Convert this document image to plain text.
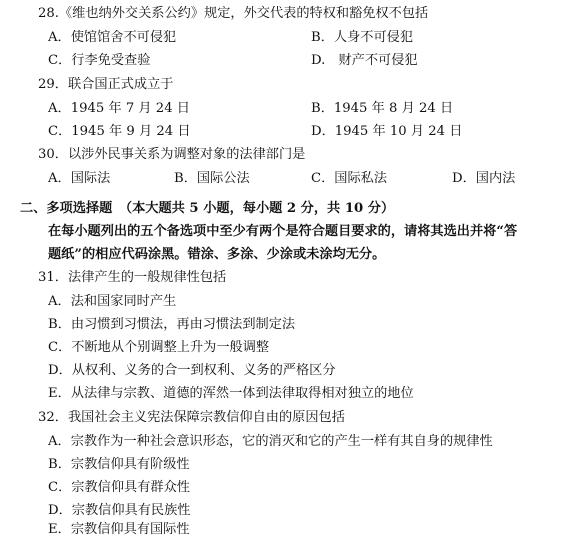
28.《维也纳外交关系公约》规定，外交代表的特权和豁免权不包括
A．使馆馆舍不可侵犯	B．人身不可侵犯
C．行李免受查验	D.　财产不可侵犯
29．联合国正式成立于
A．1945 年 7 月 24 日	B．1945 年 8 月 24 日
C．1945 年 9 月 24 日	D．1945 年 10 月 24 日
30．以涉外民事关系为调整对象的法律部门是
A．国际法	B．国际公法	C．国际私法	D．国内法
二、多项选择题　（本大题共 5 小题，每小题 2 分，共 10 分）
在每小题列出的五个备选项中至少有两个是符合题目要求的，请将其选出并将“答
题纸”的相应代码涂黑。错涂、多涂、少涂或未涂均无分。
31．法律产生的一般规律性包括
A．法和国家同时产生
B．由习惯到习惯法，再由习惯法到制定法
C．不断地从个别调整上升为一般调整
D．从权利、义务的合一到权利、义务的严格区分
E．从法律与宗教、道德的浑然一体到法律取得相对独立的地位
32．我国社会主义宪法保障宗教信仰自由的原因包括
A．宗教作为一种社会意识形态，它的消灭和它的产生一样有其自身的规律性
B．宗教信仰具有阶级性
C．宗教信仰具有群众性
D．宗教信仰具有民族性
E．宗教信仰具有国际性
